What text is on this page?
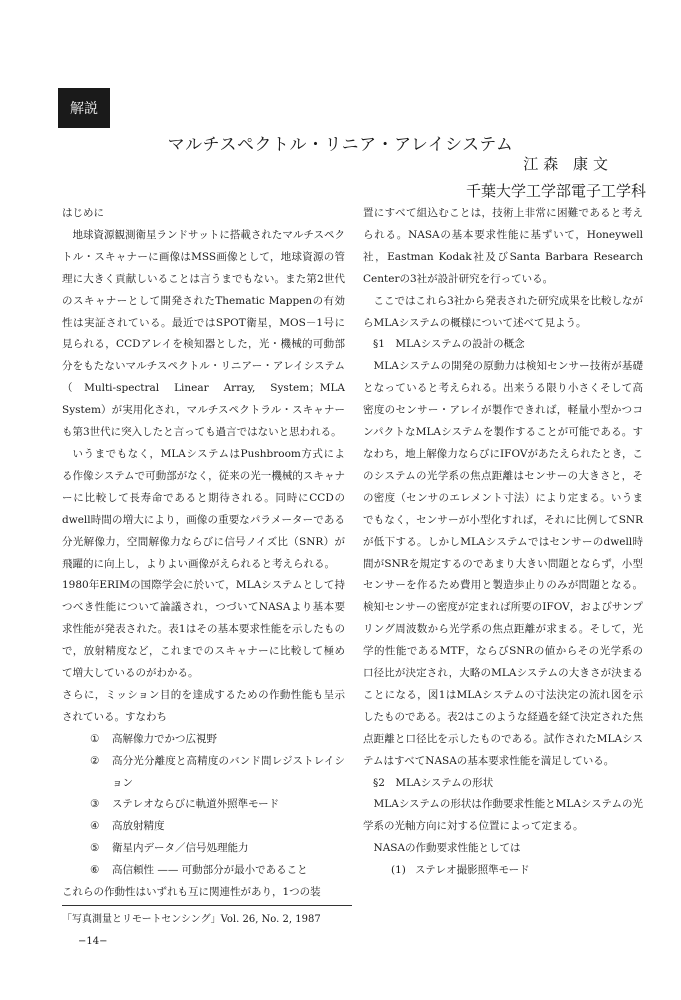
解説
マルチスペクトル・リニア・アレイシステム
江森 康文
千葉大学工学部電子工学科

はじめに

地球資源観測衛星ランドサットに搭載されたマルチスペクトル・スキャナーに画像はMSS画像として，地球資源の管理に大きく貢献しいることは言うまでもない。また第2世代のスキャナーとして開発されたThematic Mappenの有効性は実証されている。最近ではSPOT衛星，MOS－1号に見られる，CCDアレイを検知器とした，光・機械的可動部分をもたないマルチスペクトル・リニアー・アレイシステム（Multi-spectral Linear Array, System；MLA System）が実用化され，マルチスペクトラル・スキャナーも第3世代に突入したと言っても過言ではないと思われる。

いうまでもなく，MLAシステムはPushbroom方式による作像システムで可動部がなく，従来の光一機械的スキャナーに比較して長寿命であると期待される。同時にCCDのdwell時間の増大により，画像の重要なパラメーターである分光解像力，空間解像力ならびに信号ノイズ比（SNR）が飛躍的に向上し，よりよい画像がえられると考えられる。

1980年ERIMの国際学会に於いて，MLAシステムとして持つべき性能について論議され，つづいてNASAより基本要求性能が発表された。表1はその基本要求性能を示したもので，放射精度など，これまでのスキャナーに比較して極めて増大しているのがわかる。

さらに，ミッション目的を達成するための作動性能も呈示されている。すなわち

① 高解像力でかつ広視野
② 高分光分離度と高精度のバンド間レジストレイション
③ ステレオならびに軌道外照準モード
④ 高放射精度
⑤ 衛星内データ／信号処理能力
⑥ 高信頼性 —— 可動部分が最小であること

これらの作動性はいずれも互に関連性があり，1つの装

置にすべて組込むことは，技術上非常に困難であると考えられる。NASAの基本要求性能に基ずいて，Honeywell社，Eastman Kodak社及びSanta Barbara Research Centerの3社が設計研究を行っている。

ここではこれら3社から発表された研究成果を比較しながらMLAシステムの概様について述べて見よう。

§1　MLAシステムの設計の概念

MLAシステムの開発の原動力は検知センサー技術が基礎となっていると考えられる。出来うる限り小さくそして高密度のセンサー・アレイが製作できれば，軽量小型かつコンパクトなMLAシステムを製作することが可能である。すなわち，地上解像力ならびにIFOVがあたえられたとき，このシステムの光学系の焦点距離はセンサーの大きさと，その密度（センサのエレメント寸法）により定まる。いうまでもなく，センサーが小型化すれば，それに比例してSNRが低下する。しかしMLAシステムではセンサーのdwell時間がSNRを規定するのであまり大きい問題とならず，小型センサーを作るため費用と製造歩止りのみが問題となる。検知センサーの密度が定まれば所要のIFOV，およびサンプリング周波数から光学系の焦点距離が求まる。そして，光学的性能であるMTF，ならびSNRの値からその光学系の口径比が決定され，大略のMLAシステムの大きさが決まることになる，図1はMLAシステムの寸法決定の流れ図を示したものである。表2はこのような経過を経て決定された焦点距離と口径比を示したものである。試作されたMLAシステムはすべてNASAの基本要求性能を満足している。

§2　MLAシステムの形状

MLAシステムの形状は作動要求性能とMLAシステムの光学系の光軸方向に対する位置によって定まる。

NASAの作動要求性能としては

(1) ステレオ撮影照準モード

「写真測量とリモートセンシング」Vol. 26, No. 2, 1987
−14−
